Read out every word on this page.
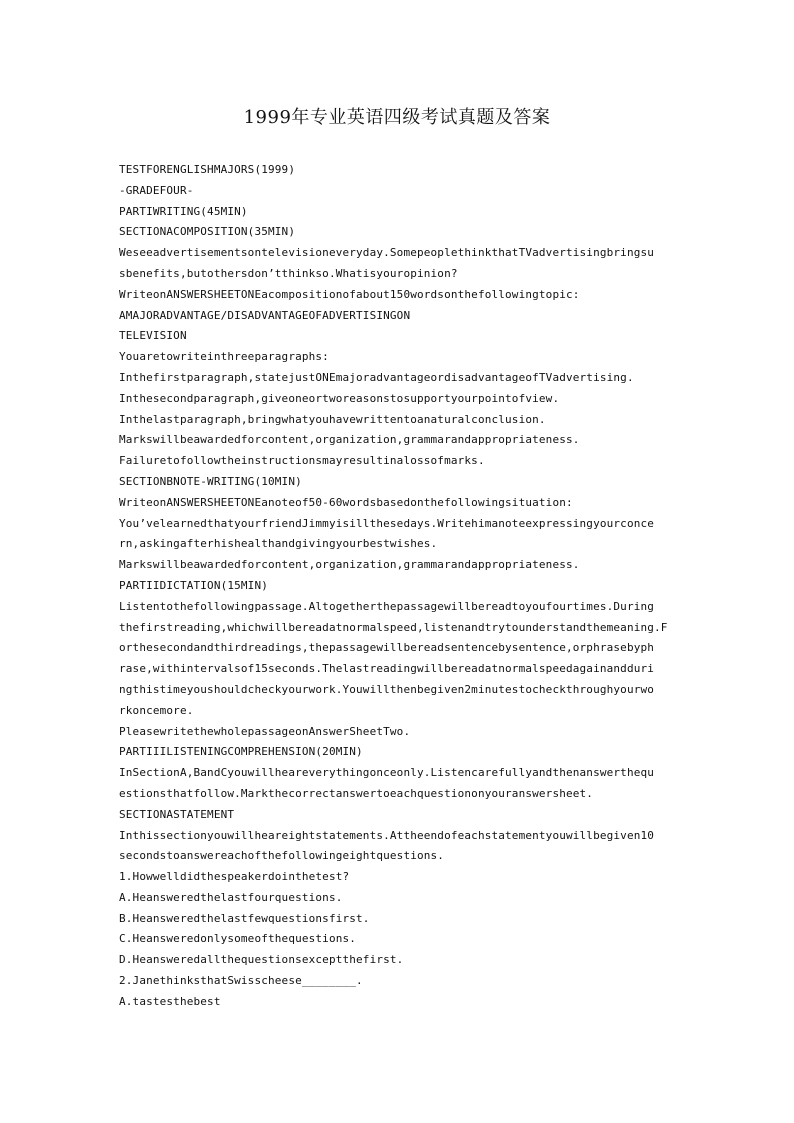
1999年专业英语四级考试真题及答案
TESTFORENGLISHMAJORS(1999)
-GRADEFOUR-
PARTIWRITING(45MIN)
SECTIONACOMPOSITION(35MIN)
Weseeadvertisementsontelevisioneveryday.SomepeoplethinkthatTVadvertisingbringsu
sbenefits,butothersdon’tthinkso.Whatisyouropinion?
WriteonANSWERSHEETONEacompositionofabout150wordsonthefollowingtopic:
AMAJORADVANTAGE/DISADVANTAGEOFADVERTISINGON
TELEVISION
Youaretowriteinthreeparagraphs:
Inthefirstparagraph,statejustONEmajoradvantageordisadvantageofTVadvertising.
Inthesecondparagraph,giveoneortworeasonstosupportyourpointofview.
Inthelastparagraph,bringwhatyouhavewrittentoanaturalconclusion.
Markswillbeawardedforcontent,organization,grammarandappropriateness.
Failuretofollowtheinstructionsmayresultinalossofmarks.
SECTIONBNOTE-WRITING(10MIN)
WriteonANSWERSHEETONEanoteof50-60wordsbasedonthefollowingsituation:
You’velearnedthatyourfriendJimmyisillthesedays.Writehimanoteexpressingyourconce
rn,askingafterhishealthandgivingyourbestwishes.
Markswillbeawardedforcontent,organization,grammarandappropriateness.
PARTIIDICTATION(15MIN)
Listentothefollowingpassage.Altogetherthepassagewillbereadtoyoufourtimes.During
thefirstreading,whichwillbereadatnormalspeed,listenandtrytounderstandthemeaning.F
orthesecondandthirdreadings,thepassagewillbereadsentencebysentence,orphrasebyph
rase,withintervalsof15seconds.Thelastreadingwillbereadatnormalspeedagainandduri
ngthistimeyoushouldcheckyourwork.Youwillthenbegiven2minutestocheckthroughyourwo
rkoncemore.
PleasewritethewholepassageonAnswerSheetTwo.
PARTIIILISTENINGCOMPREHENSION(20MIN)
InSectionA,BandCyouwillheareverythingonceonly.Listencarefullyandthenanswerthequ
estionsthatfollow.Markthecorrectanswertoeachquestiononyouranswersheet.
SECTIONASTATEMENT
Inthissectionyouwillheareightstatements.Attheendofeachstatementyouwillbegiven10
secondstoanswereachofthefollowingeightquestions.
1.Howwelldidthespeakerdointhetest?
A.Heansweredthelastfourquestions.
B.Heansweredthelastfewquestionsfirst.
C.Heansweredonlysomeofthequestions.
D.Heansweredallthequestionsexceptthefirst.
2.JanethinksthatSwisscheese________.
A.tastesthebest
